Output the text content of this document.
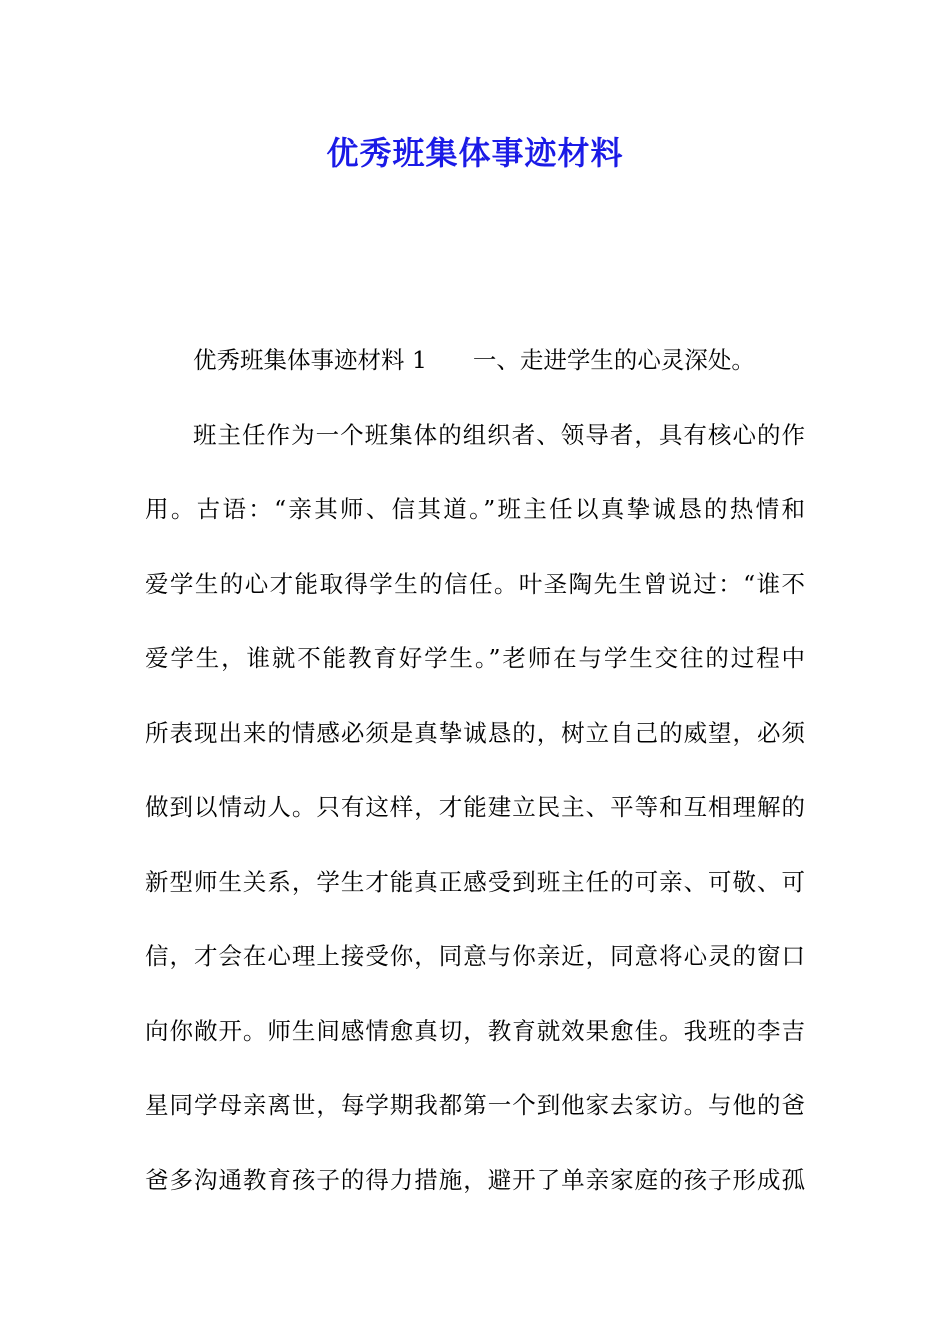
优秀班集体事迹材料
优秀班集体事迹材料 1 一、走进学生的心灵深处。
班主任作为一个班集体的组织者、领导者，具有核心的作
用。古语：“亲其师、信其道。”班主任以真挚诚恳的热情和
爱学生的心才能取得学生的信任。叶圣陶先生曾说过：“谁不
爱学生，谁就不能教育好学生。”老师在与学生交往的过程中
所表现出来的情感必须是真挚诚恳的，树立自己的威望，必须
做到以情动人。只有这样，才能建立民主、平等和互相理解的
新型师生关系，学生才能真正感受到班主任的可亲、可敬、可
信，才会在心理上接受你，同意与你亲近，同意将心灵的窗口
向你敞开。师生间感情愈真切，教育就效果愈佳。我班的李吉
星同学母亲离世，每学期我都第一个到他家去家访。与他的爸
爸多沟通教育孩子的得力措施，避开了单亲家庭的孩子形成孤
